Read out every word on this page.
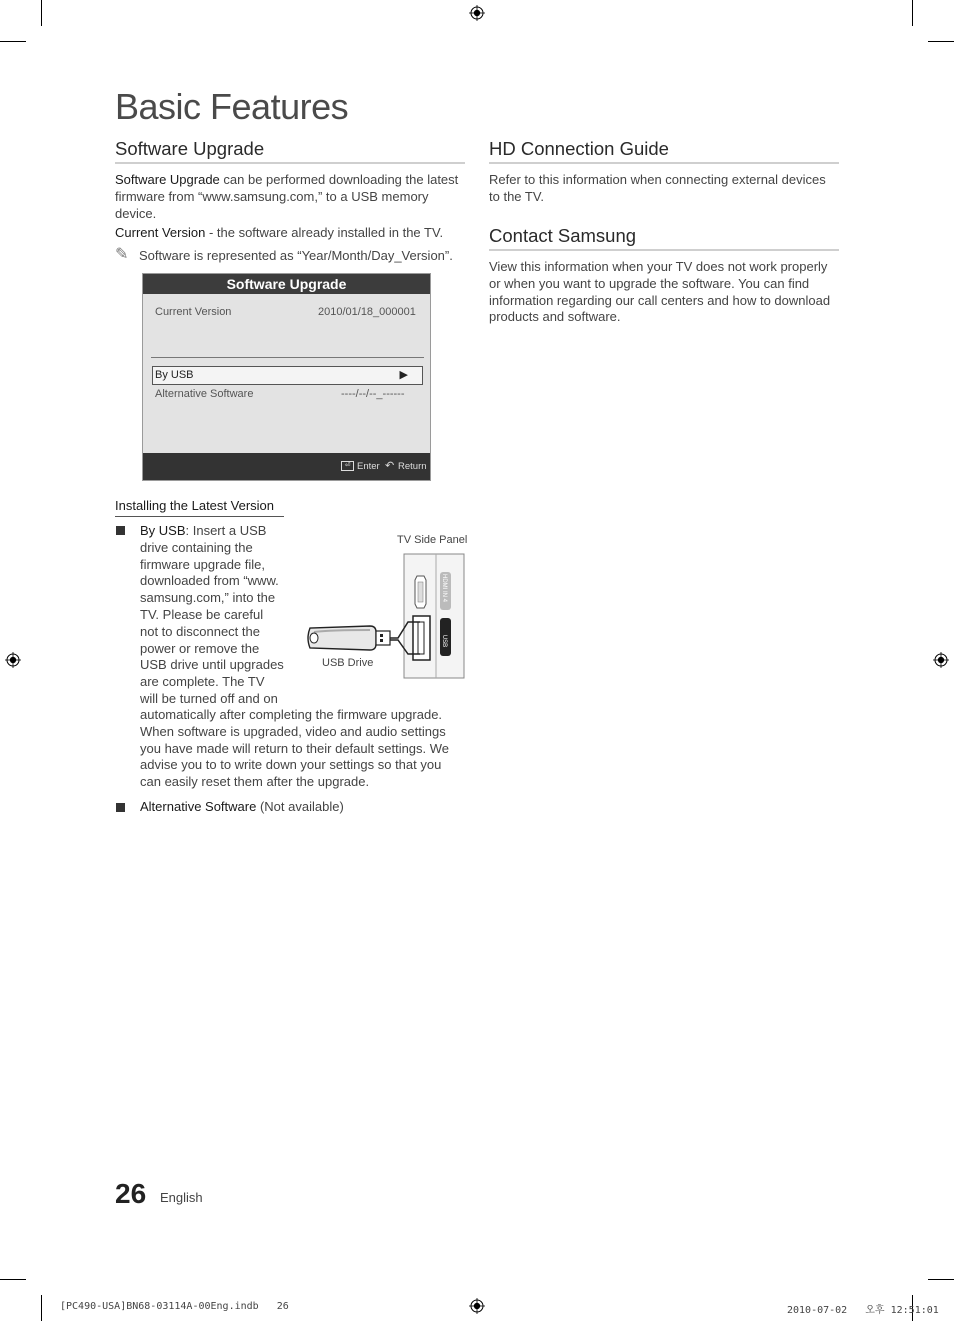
Basic Features
Software Upgrade

Software Upgrade can be performed downloading the latest firmware from “www.samsung.com,” to a USB memory device.

Current Version - the software already installed in the TV.

✎ Software is represented as “Year/Month/Day_Version”.
Software Upgrade
Current Version	2010/01/18_000001
By USB	▶
Alternative Software	----/--/--_------
⏎ Enter ↶ Return
Installing the Latest Version
By USB: Insert a USB
drive containing the
firmware upgrade file,
downloaded from “www.
samsung.com,” into the
TV. Please be careful
not to disconnect the
power or remove the
USB drive until upgrades
are complete. The TV
will be turned off and on
automatically after completing the firmware upgrade. When software is upgraded, video and audio settings you have made will return to their default settings. We advise you to to write down your settings so that you can easily reset them after the upgrade.
Alternative Software (Not available)
TV Side Panel
USB Drive
HDMI IN 4
USB
HD Connection Guide

Refer to this information when connecting external devices to the TV.

Contact Samsung

View this information when your TV does not work properly or when you want to upgrade the software. You can find information regarding our call centers and how to download products and software.

26 English
[PC490-USA]BN68-03114A-00Eng.indb   26	2010-07-02   오후 12:51:01
